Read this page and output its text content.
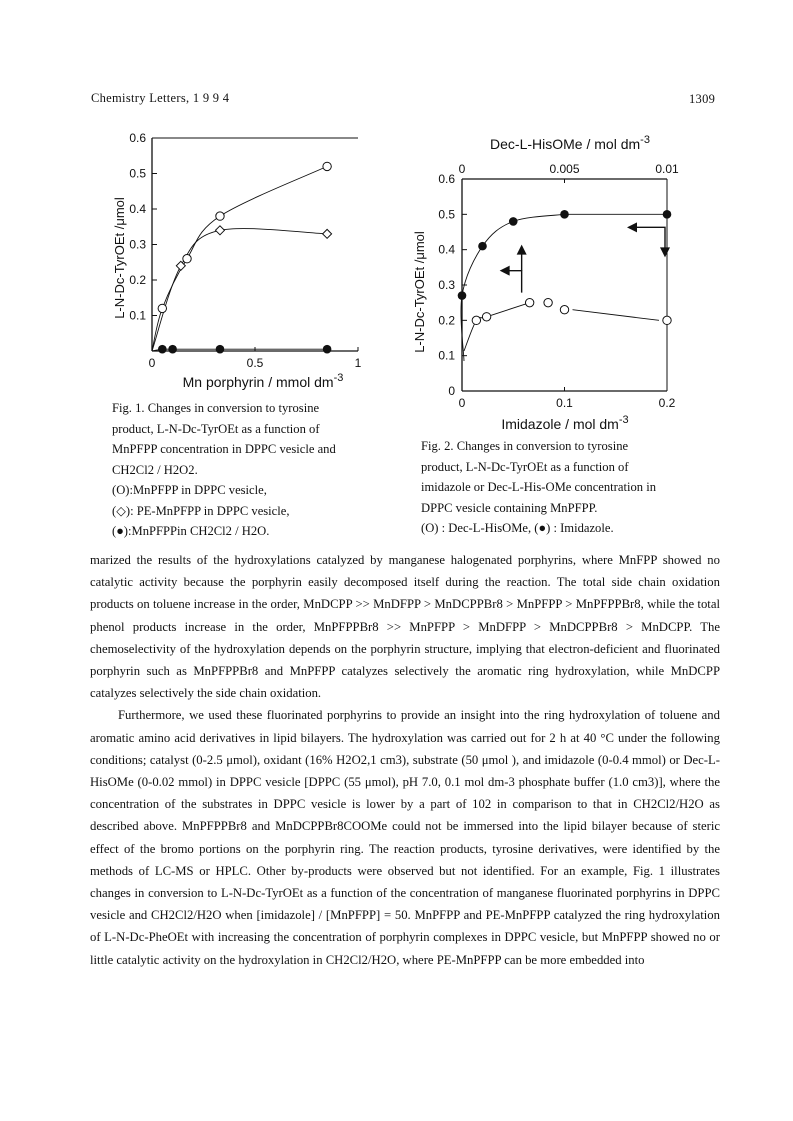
Chemistry Letters, 1 9 9 4	1309
0.6
0.5
0.4
0.3
0.2
0.1
0	0.5	1
Mn porphyrin / mmol $dm^{-3}$
L-N-Dc-TyrOEt /μmol
Fig. 1. Changes in conversion to tyrosine
product, L-N-Dc-TyrOEt as a function of
MnPFPP concentration in DPPC vesicle and
CH2Cl2 / H2O2.
(O):MnPFPP in DPPC vesicle,
(◇): PE-MnPFPP in DPPC vesicle,
(●):MnPFPPin CH2Cl2 / H2O.
0.6
0.5
0.4
0.3
0.2
0.1
0
0	0.1	0.2
0	0.005	0.01
Dec-L-HisOMe / mol $dm^{-3}$
Imidazole / mol $dm^{-3}$
L-N-Dc-TyrOEt /μmol
Fig. 2. Changes in conversion to tyrosine
product, L-N-Dc-TyrOEt as a function of
imidazole or Dec-L-His-OMe concentration in
DPPC vesicle containing MnPFPP.
(O) : Dec-L-HisOMe, (●) : Imidazole.

marized the results of the hydroxylations catalyzed by manganese halogenated porphyrins, where MnFPP showed no catalytic activity because the porphyrin easily decomposed itself during the reaction. The total side chain oxidation products on toluene increase in the order, MnDCPP >> MnDFPP > MnDCPPBr8 > MnPFPP > MnPFPPBr8, while the total phenol products increase in the order, MnPFPPBr8 >> MnPFPP > MnDFPP > MnDCPPBr8 > MnDCPP. The chemoselectivity of the hydroxylation depends on the porphyrin structure, implying that electron-deficient and fluorinated porphyrin such as MnPFPPBr8 and MnPFPP catalyzes selectively the aromatic ring hydroxylation, while MnDCPP catalyzes selectively the side chain oxidation.

Furthermore, we used these fluorinated porphyrins to provide an insight into the ring hydroxylation of toluene and aromatic amino acid derivatives in lipid bilayers. The hydroxylation was carried out for 2 h at 40 °C under the following conditions; catalyst (0-2.5 μmol), oxidant (16% H2O2,1 cm3), substrate (50 μmol ), and imidazole (0-0.4 mmol) or Dec-L-HisOMe (0-0.02 mmol) in DPPC vesicle [DPPC (55 μmol), pH 7.0, 0.1 mol dm-3 phosphate buffer (1.0 cm3)], where the concentration of the substrates in DPPC vesicle is lower by a part of 102 in comparison to that in CH2Cl2/H2O as described above. MnPFPPBr8 and MnDCPPBr8COOMe could not be immersed into the lipid bilayer because of steric effect of the bromo portions on the porphyrin ring. The reaction products, tyrosine derivatives, were identified by the methods of LC-MS or HPLC. Other by-products were observed but not identified. For an example, Fig. 1 illustrates changes in conversion to L-N-Dc-TyrOEt as a function of the concentration of manganese fluorinated porphyrins in DPPC vesicle and CH2Cl2/H2O when [imidazole] / [MnPFPP] = 50. MnPFPP and PE-MnPFPP catalyzed the ring hydroxylation of L-N-Dc-PheOEt with increasing the concentration of porphyrin complexes in DPPC vesicle, but MnPFPP showed no or little catalytic activity on the hydroxylation in CH2Cl2/H2O, where PE-MnPFPP can be more embedded into
